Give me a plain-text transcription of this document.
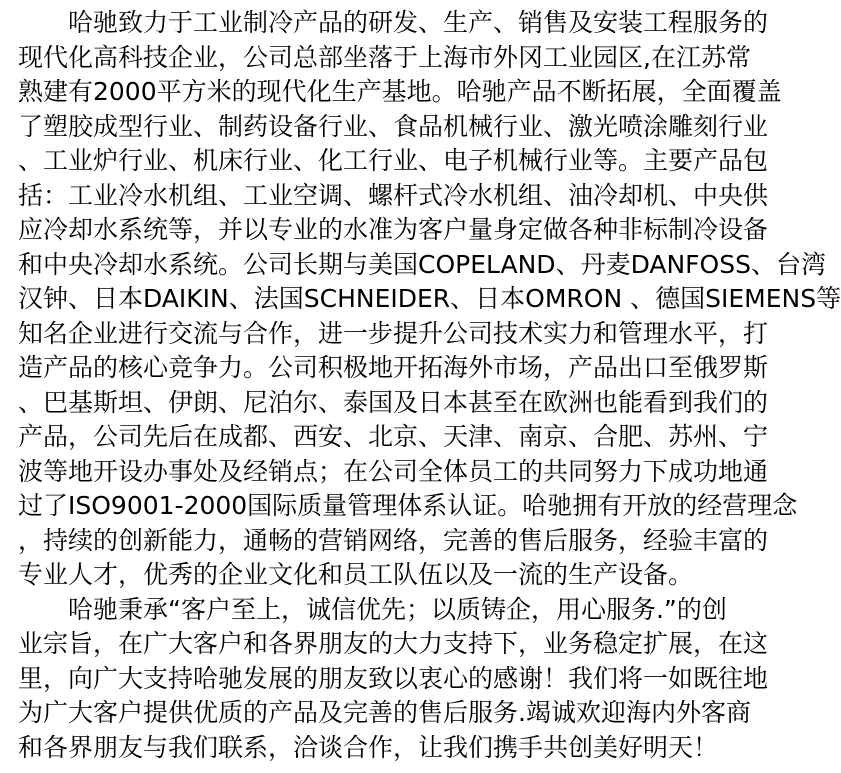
　　哈驰致力于工业制冷产品的研发、生产、销售及安装工程服务的
现代化高科技企业，公司总部坐落于上海市外冈工业园区,在江苏常
熟建有2000平方米的现代化生产基地。哈驰产品不断拓展，全面覆盖
了塑胶成型行业、制药设备行业、食品机械行业、激光喷涂雕刻行业
、工业炉行业、机床行业、化工行业、电子机械行业等。主要产品包
括：工业冷水机组、工业空调、螺杆式冷水机组、油冷却机、中央供
应冷却水系统等，并以专业的水准为客户量身定做各种非标制冷设备
和中央冷却水系统。公司长期与美国COPELAND、丹麦DANFOSS、台湾
汉钟、日本DAIKIN、法国SCHNEIDER、日本OMRON 、德国SIEMENS等
知名企业进行交流与合作，进一步提升公司技术实力和管理水平，打
造产品的核心竞争力。公司积极地开拓海外市场，产品出口至俄罗斯
、巴基斯坦、伊朗、尼泊尔、泰国及日本甚至在欧洲也能看到我们的
产品，公司先后在成都、西安、北京、天津、南京、合肥、苏州、宁
波等地开设办事处及经销点；在公司全体员工的共同努力下成功地通
过了ISO9001-2000国际质量管理体系认证。哈驰拥有开放的经营理念
，持续的创新能力，通畅的营销网络，完善的售后服务，经验丰富的
专业人才，优秀的企业文化和员工队伍以及一流的生产设备。
　　哈驰秉承“客户至上，诚信优先；以质铸企，用心服务.”的创
业宗旨，在广大客户和各界朋友的大力支持下，业务稳定扩展，在这
里，向广大支持哈驰发展的朋友致以衷心的感谢！我们将一如既往地
为广大客户提供优质的产品及完善的售后服务.竭诚欢迎海内外客商
和各界朋友与我们联系，洽谈合作，让我们携手共创美好明天！
